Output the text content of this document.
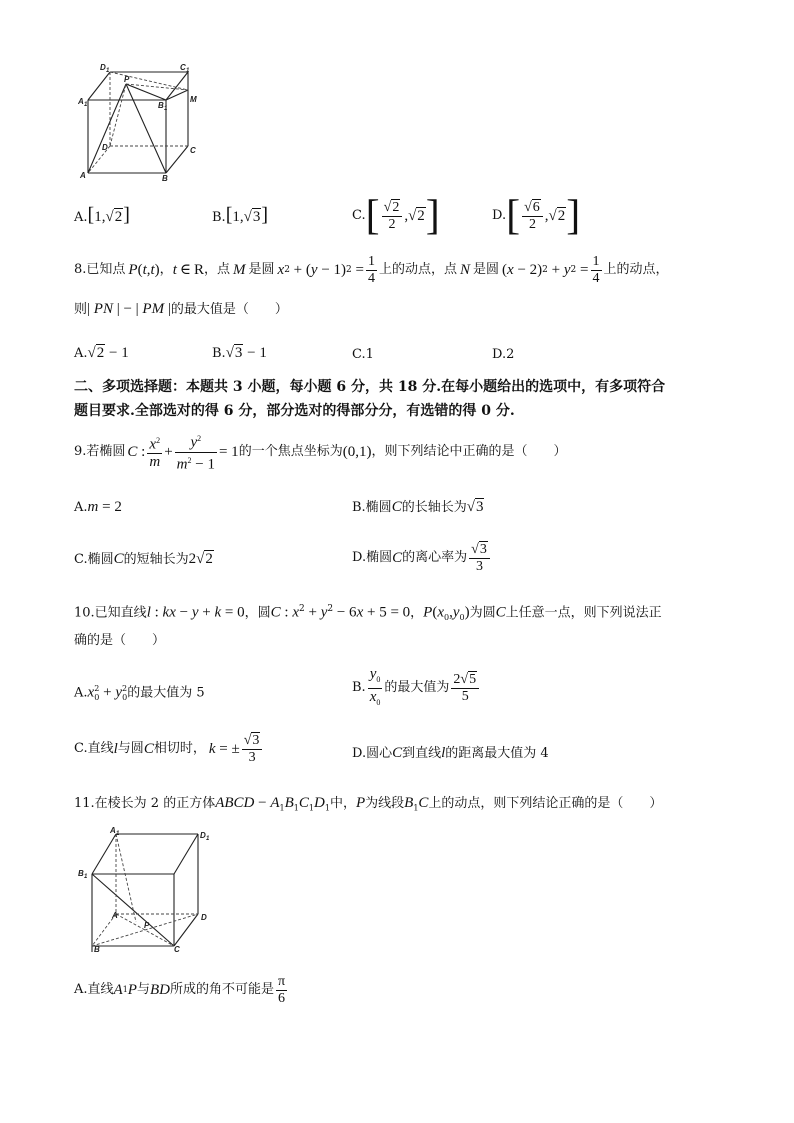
D 1	C 1
A 1	B 1
M
P
D	C
A	B
A.[1,√2]	B.[1,√3]	C. [ $\frac{√2}{2} ,√2$ ]	D. [ $\frac{√6}{2} ,√2$ ]
8.已知点 P ( t , t ) ， t ∈ R ，点 M 是圆 x 2 + ( y − 1) $2 = \frac{1}{4}$ 上的动点，点 N 是圆 ( x − 2) 2 + y $2 = \frac{1}{4}$ 上的动点，
则| PN | − | PM |的最大值是（　　）
A.√2 − 1	B.√3 − 1	C.1	D.2
二、多项选择题：本题共 3 小题，每小题 6 分，共 18 分.在每小题给出的选项中，有多项符合
题目要求.全部选对的得 6 分，部分选对的得部分分，有选错的得 0 分.
9.若椭圆 C : $\frac{x^2}{m} + \frac{y^2}{m^2 - 1} = 1$ 的一个焦点坐标为 (0,1) ，则下列结论中正确的是（　　）
A.m = 2	B.椭圆C的长轴长为√3
C.椭圆C的短轴长为2√2	D.椭圆 C 的离心率为 $\frac{√3}{3}$
10.已知直线l : kx − y + k = 0，圆C : $x^2 + y^2 - 6x + 5 = 0$，$P(x_0,y_0)$为圆C上任意一点，则下列说法正
确的是（　　）
$A.x^2_0 + y^2_0$的最大值为 5	B. $\frac{y_0}{x_0}$ 的最大值为 $\frac{2√5}{5}$
C.直线 l 与圆 C 相切时， k = ± $\frac{√3}{3}$	D.圆心C到直线l的距离最大值为 4
11.在棱长为 2 的正方体ABCD − $A_1B_1C_1D_1$中，P为线段$B_1C$上的动点，则下列结论正确的是（　　）
A 1	D 1
B 1
A	D
P
B	C
A.直线 A 1 P 与 BD 所成的角不可能是 $\frac{\pi}{6}$
